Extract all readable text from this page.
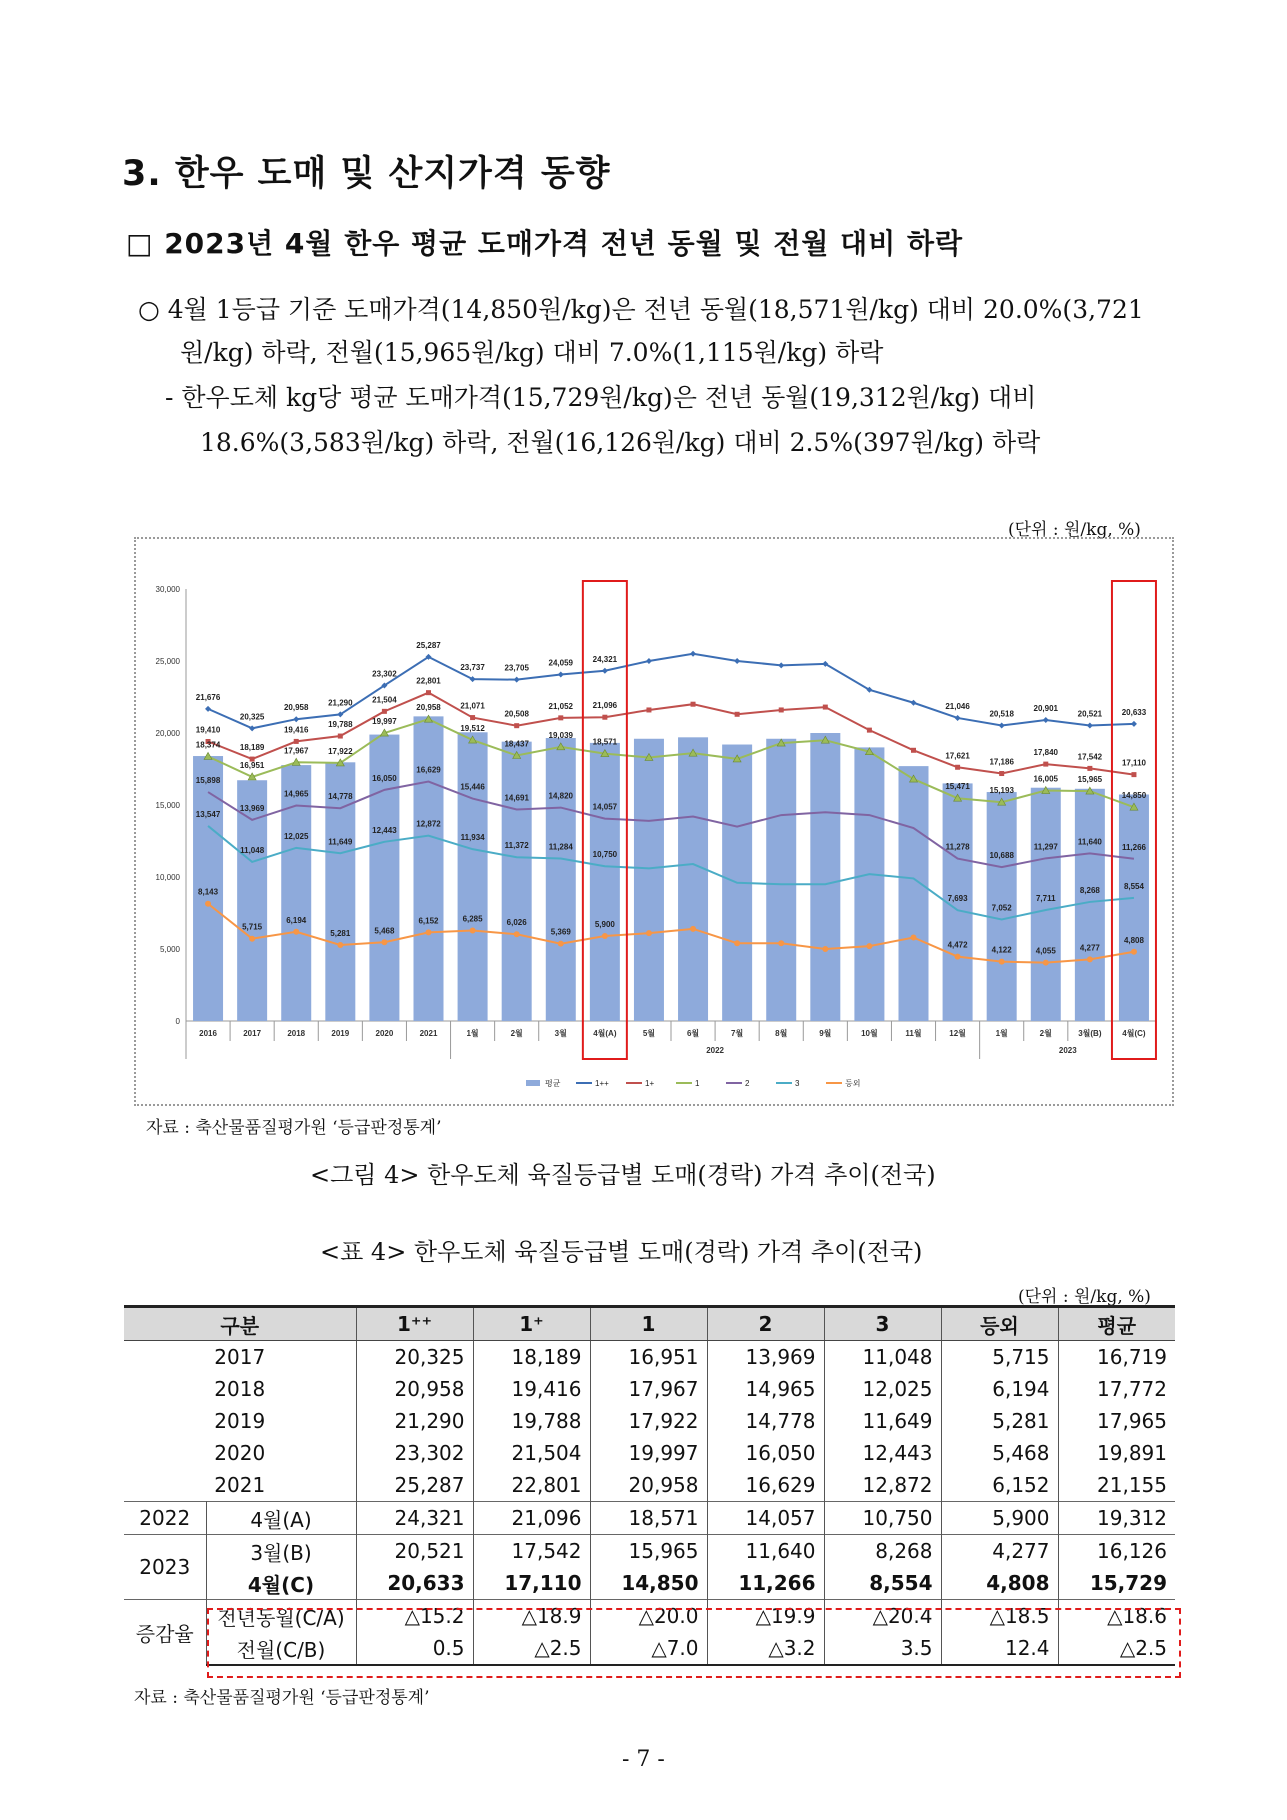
3. 한우 도매 및 산지가격 동향
□ 2023년 4월 한우 평균 도매가격 전년 동월 및 전월 대비 하락
○ 4월 1등급 기준 도매가격(14,850원/kg)은 전년 동월(18,571원/kg) 대비 20.0%(3,721
원/kg) 하락, 전월(15,965원/kg) 대비 7.0%(1,115원/kg) 하락
- 한우도체 kg당 평균 도매가격(15,729원/kg)은 전년 동월(19,312원/kg) 대비
18.6%(3,583원/kg) 하락, 전월(16,126원/kg) 대비 2.5%(397원/kg) 하락
(단위 : 원/kg, %)
0
5,000
10,000
15,000
20,000
25,000
30,000
2016	2017	2018	2019	2020	2021	1월	2월	3월	4월(A)	5월	6월	7월	8월	9월	10월	11월	12월	1월	2월	3월(B)	4월(C)
2022	2023
21,676
20,325
20,958
21,290
23,302
25,287
23,737 23,705
24,059 24,321
21,046
20,518
20,901
20,521 20,633
19,410
18,189
19,416
19,788
21,504
22,801
21,071
20,508
21,052 21,096
17,621
17,186
17,840 17,542
17,110
18,374
16,951
17,967 17,922
19,997
20,958
19,512
18,437
19,039
18,571
15,471 15,193
16,005 15,965
14,850
15,898
13,969
14,965 14,778
16,050
16,629
15,446
14,691 14,820
14,057
11,278
10,688
11,297
11,640
11,266
13,547
11,048
12,025
11,649
12,443
12,872
11,934
11,372	11,284
10,750
7,693
7,052
7,711
8,268	8,554
8,143
5,715
6,194
5,281	5,468
6,152	6,285	6,026
5,369
5,900
4,472
4,122	4,055	4,277
4,808
평균	1++	1+	1	2	3	등외
자료 : 축산물품질평가원 ‘등급판정통계’
<그림 4> 한우도체 육질등급별 도매(경락) 가격 추이(전국)
<표 4> 한우도체 육질등급별 도매(경락) 가격 추이(전국)
(단위 : 원/kg, %)
구분		1⁺⁺	1⁺	1	2	3	등외	평균
2017		20,325	18,189	16,951	13,969	11,048	5,715	16,719
2018		20,958	19,416	17,967	14,965	12,025	6,194	17,772
2019		21,290	19,788	17,922	14,778	11,649	5,281	17,965
2020		23,302	21,504	19,997	16,050	12,443	5,468	19,891
2021		25,287	22,801	20,958	16,629	12,872	6,152	21,155
2022	4월(A)	24,321	21,096	18,571	14,057	10,750	5,900	19,312
2023	3월(B)	20,521	17,542	15,965	11,640	8,268	4,277	16,126
	4월(C)	20,633	17,110	14,850	11,266	8,554	4,808	15,729
증감율	전년동월(C/A)	△15.2	△18.9	△20.0	△19.9	△20.4	△18.5	△18.6
	전월(C/B)	0.5	△2.5	△7.0	△3.2	3.5	12.4	△2.5
자료 : 축산물품질평가원 ‘등급판정통계’
- 7 -
